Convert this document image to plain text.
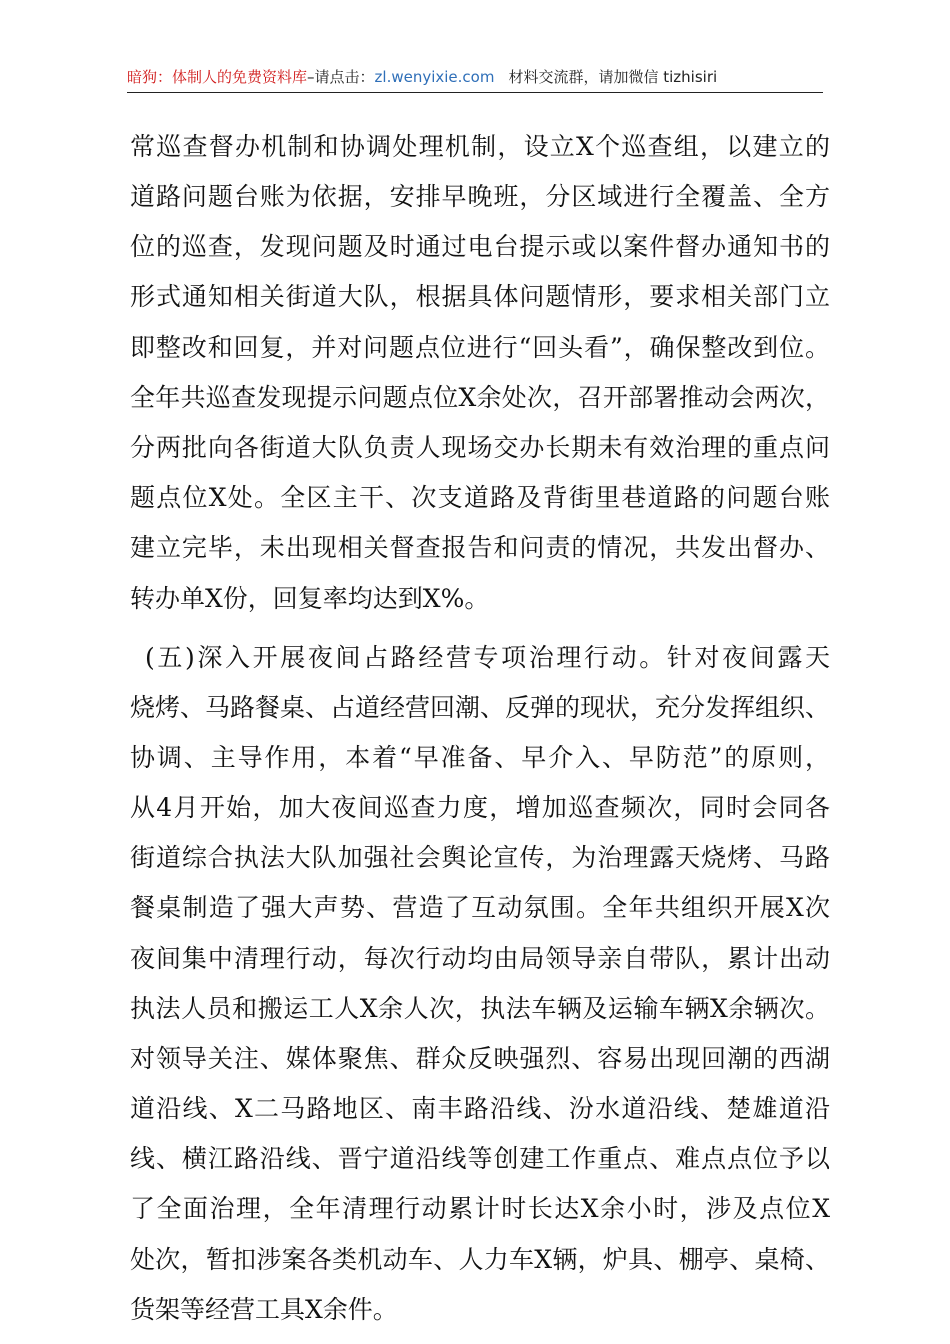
暗狗：体制人的免费资料库–请点击：zl.wenyixie.com 材料交流群，请加微信 tizhisiri
常巡查督办机制和协调处理机制，设立X个巡查组，以建立的
道路问题台账为依据，安排早晚班，分区域进行全覆盖、全方
位的巡查，发现问题及时通过电台提示或以案件督办通知书的
形式通知相关街道大队，根据具体问题情形，要求相关部门立
即整改和回复，并对问题点位进行“回头看”，确保整改到位。
全年共巡查发现提示问题点位X余处次，召开部署推动会两次，
分两批向各街道大队负责人现场交办长期未有效治理的重点问
题点位X处。全区主干、次支道路及背街里巷道路的问题台账
建立完毕，未出现相关督查报告和问责的情况，共发出督办、
转办单X份，回复率均达到X%。
(五)深入开展夜间占路经营专项治理行动。针对夜间露天
烧烤、马路餐桌、占道经营回潮、反弹的现状，充分发挥组织、
协调、主导作用，本着“早准备、早介入、早防范”的原则，
从4月开始，加大夜间巡查力度，增加巡查频次，同时会同各
街道综合执法大队加强社会舆论宣传，为治理露天烧烤、马路
餐桌制造了强大声势、营造了互动氛围。全年共组织开展X次
夜间集中清理行动，每次行动均由局领导亲自带队，累计出动
执法人员和搬运工人X余人次，执法车辆及运输车辆X余辆次。
对领导关注、媒体聚焦、群众反映强烈、容易出现回潮的西湖
道沿线、X二马路地区、南丰路沿线、汾水道沿线、楚雄道沿
线、横江路沿线、晋宁道沿线等创建工作重点、难点点位予以
了全面治理，全年清理行动累计时长达X余小时，涉及点位X
处次，暂扣涉案各类机动车、人力车X辆，炉具、棚亭、桌椅、
货架等经营工具X余件。
